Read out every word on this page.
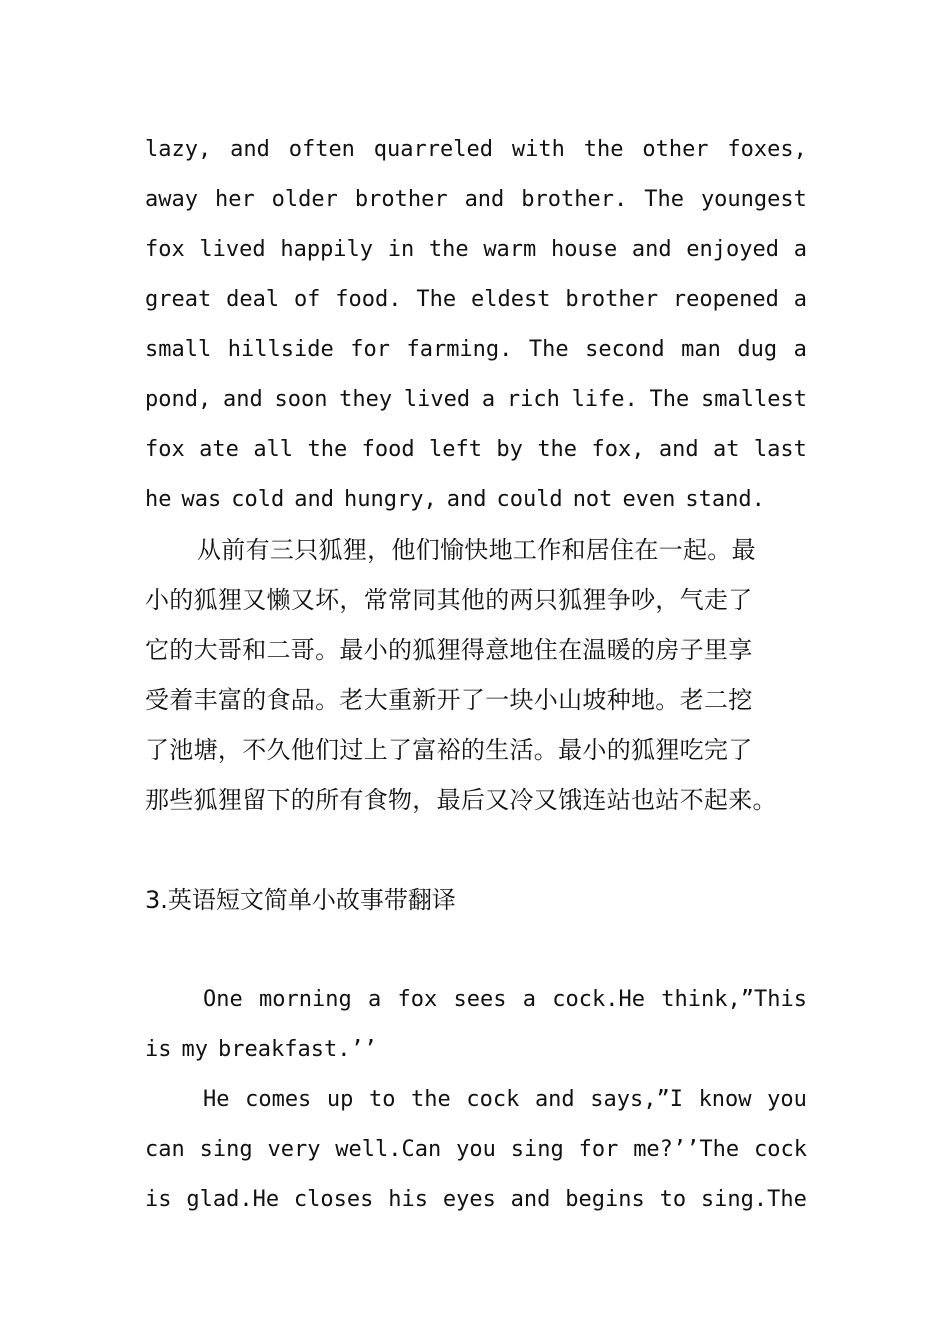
lazy, and often quarreled with the other foxes,
away her older brother and brother. The youngest
fox lived happily in the warm house and enjoyed a
great deal of food. The eldest brother reopened a
small hillside for farming. The second man dug a
pond, and soon they lived a rich life. The smallest
fox ate all the food left by the fox, and at last
he was cold and hungry, and could not even stand.
从前有三只狐狸，他们愉快地工作和居住在一起。最
小的狐狸又懒又坏，常常同其他的两只狐狸争吵，气走了
它的大哥和二哥。最小的狐狸得意地住在温暖的房子里享
受着丰富的食品。老大重新开了一块小山坡种地。老二挖
了池塘，不久他们过上了富裕的生活。最小的狐狸吃完了
那些狐狸留下的所有食物，最后又冷又饿连站也站不起来。
3.英语短文简单小故事带翻译
One morning a fox sees a cock.He think,”This
is my breakfast.’’
He comes up to the cock and says,”I know you
can sing very well.Can you sing for me?’’The cock
is glad.He closes his eyes and begins to sing.The
